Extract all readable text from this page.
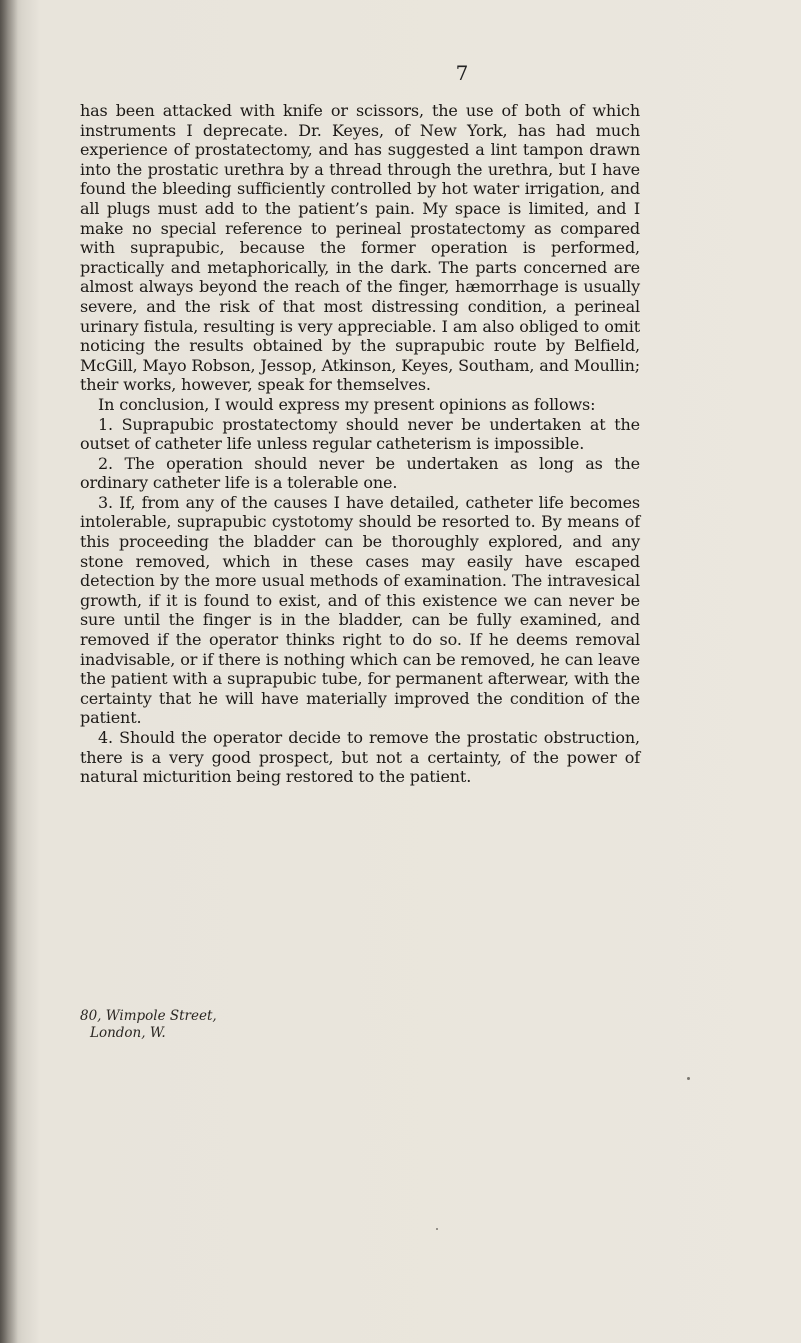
7

has been attacked with knife or scissors, the use of both of which instruments I deprecate. Dr. Keyes, of New York, has had much experience of prostatectomy, and has suggested a lint tampon drawn into the prostatic urethra by a thread through the urethra, but I have found the bleeding sufficiently controlled by hot water irrigation, and all plugs must add to the patient’s pain. My space is limited, and I make no special reference to perineal prostatectomy as compared with suprapubic, because the former operation is performed, practically and metaphorically, in the dark. The parts concerned are almost always beyond the reach of the finger, hæmorrhage is usually severe, and the risk of that most distressing condition, a perineal urinary fistula, resulting is very appreciable. I am also obliged to omit noticing the results obtained by the suprapubic route by Belfield, McGill, Mayo Robson, Jessop, Atkinson, Keyes, Southam, and Moullin; their works, however, speak for themselves.

In conclusion, I would express my present opinions as follows:

1. Suprapubic prostatectomy should never be undertaken at the outset of catheter life unless regular catheterism is impossible.

2. The operation should never be undertaken as long as the ordinary catheter life is a tolerable one.

3. If, from any of the causes I have detailed, catheter life becomes intolerable, suprapubic cystotomy should be resorted to. By means of this proceeding the bladder can be thoroughly explored, and any stone removed, which in these cases may easily have escaped detection by the more usual methods of examination. The intravesical growth, if it is found to exist, and of this existence we can never be sure until the finger is in the bladder, can be fully examined, and removed if the operator thinks right to do so. If he deems removal inadvisable, or if there is nothing which can be removed, he can leave the patient with a suprapubic tube, for permanent afterwear, with the certainty that he will have materially improved the condition of the patient.

4. Should the operator decide to remove the prostatic obstruction, there is a very good prospect, but not a certainty, of the power of natural micturition being restored to the patient.

80, Wimpole Street,
London, W.
